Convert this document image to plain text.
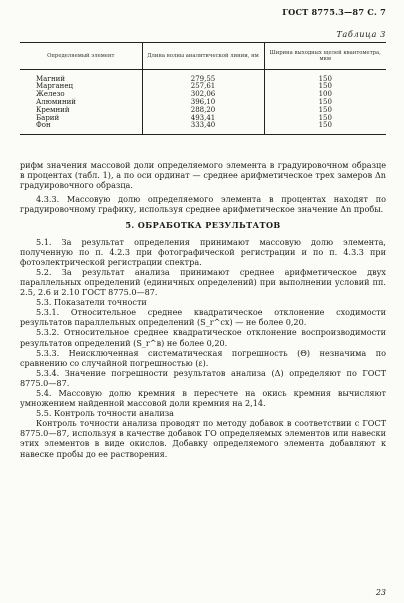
ГОСТ 8775.3—87 С. 7
Таблица 3
Определяемый элемент	Длина волны аналитической линии, нм	Ширина выходных щелей квантометра, мкм
Магний	279,55	150
Марганец	257,61	150
Железо	302,06	100
Алюминий	396,10	150
Кремний	288,20	150
Барий	493,41	150
Фон	333,40	150

рифм значения массовой доли определяемого элемента в градуировочном образце в процентах (табл. 1), а по оси ординат — среднее арифметическое трех замеров Δn градуировочного образца.

4.3.3. Массовую долю определяемого элемента в процентах находят по градуировочному графику, используя среднее арифметическое значение Δn пробы.

5. ОБРАБОТКА РЕЗУЛЬТАТОВ

5.1. За результат определения принимают массовую долю элемента, полученную по п. 4.2.3 при фотографической регистрации и по п. 4.3.3 при фотоэлектрической регистрации спектра.

5.2. За результат анализа принимают среднее арифметическое двух параллельных определений (единичных определений) при выполнении условий пп. 2.5, 2.6 и 2.10 ГОСТ 8775.0—87.

5.3. Показатели точности

5.3.1. Относительное среднее квадратическое отклонение сходимости результатов параллельных определений (S_r^сх) — не более 0,20.

5.3.2. Относительное среднее квадратическое отклонение воспроизводимости результатов определений (S_r^в) не более 0,20.

5.3.3. Неисключенная систематическая погрешность (Θ) незначима по сравнению со случайной погрешностью (ε).

5.3.4. Значение погрешности результатов анализа (Δ) определяют по ГОСТ 8775.0—87.

5.4. Массовую долю кремния в пересчете на окись кремния вычисляют умножением найденной массовой доли кремния на 2,14.

5.5. Контроль точности анализа

Контроль точности анализа проводят по методу добавок в соответствии с ГОСТ 8775.0—87, используя в качестве добавок ГО определяемых элементов или навески этих элементов в виде окислов. Добавку определяемого элемента добавляют к навеске пробы до ее растворения.

23
